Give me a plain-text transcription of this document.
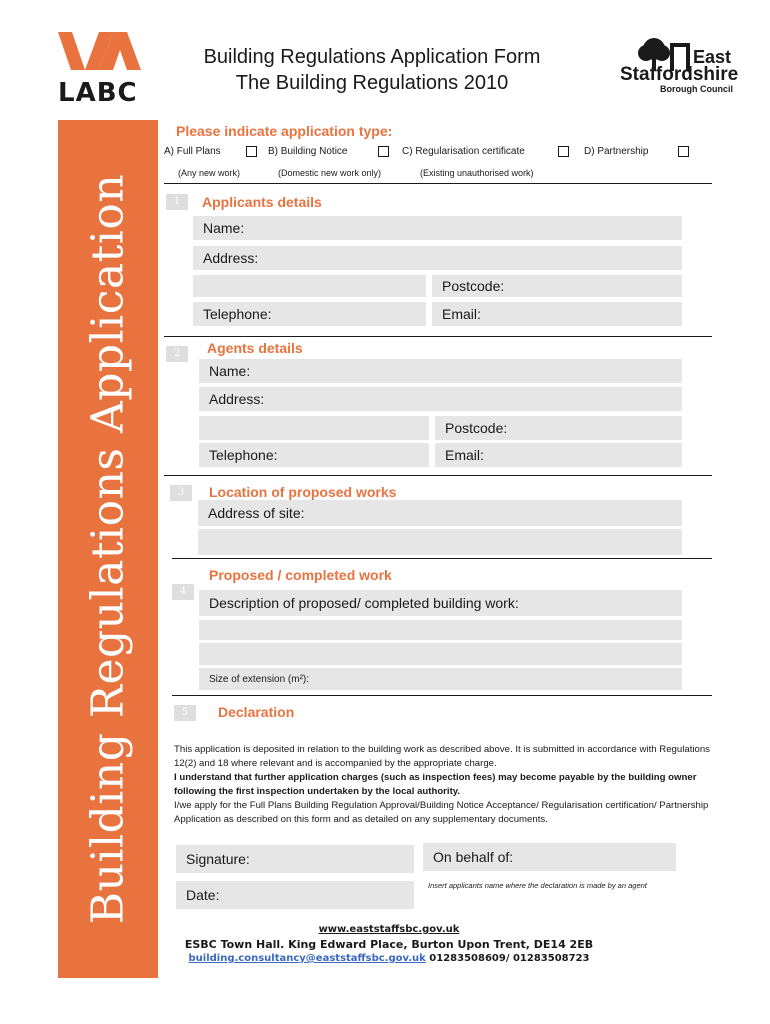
LABC
Building Regulations Application Form
The Building Regulations 2010
East
Staffordshire
Borough Council
Building Regulations Application
Please indicate application type:
A) Full Plans	B) Building Notice	C) Regularisation certificate	D) Partnership
(Any new work)	(Domestic new work only)	(Existing unauthorised work)
1	Applicants details
Name:
Address:
Postcode:
Telephone:	Email:
2	Agents details
Name:
Address:
Postcode:
Telephone:	Email:
3	Location of proposed works
Address of site:
Proposed / completed work
4
Description of proposed/ completed building work:
Size of extension (m²):
5	Declaration

This application is deposited in relation to the building work as described above. It is submitted in accordance with Regulations 12(2) and 18 where relevant and is accompanied by the appropriate charge.

I understand that further application charges (such as inspection fees) may become payable by the building owner following the first inspection undertaken by the local authority.

I/we apply for the Full Plans Building Regulation Approval/Building Notice Acceptance/ Regularisation certification/ Partnership Application as described on this form and as detailed on any supplementary documents.

Signature:	On behalf of:
Date:
Insert applicants name where the declaration is made by an agent
www.eaststaffsbc.gov.uk
ESBC Town Hall. King Edward Place, Burton Upon Trent, DE14 2EB
building.consultancy@eaststaffsbc.gov.uk 01283508609/ 01283508723
